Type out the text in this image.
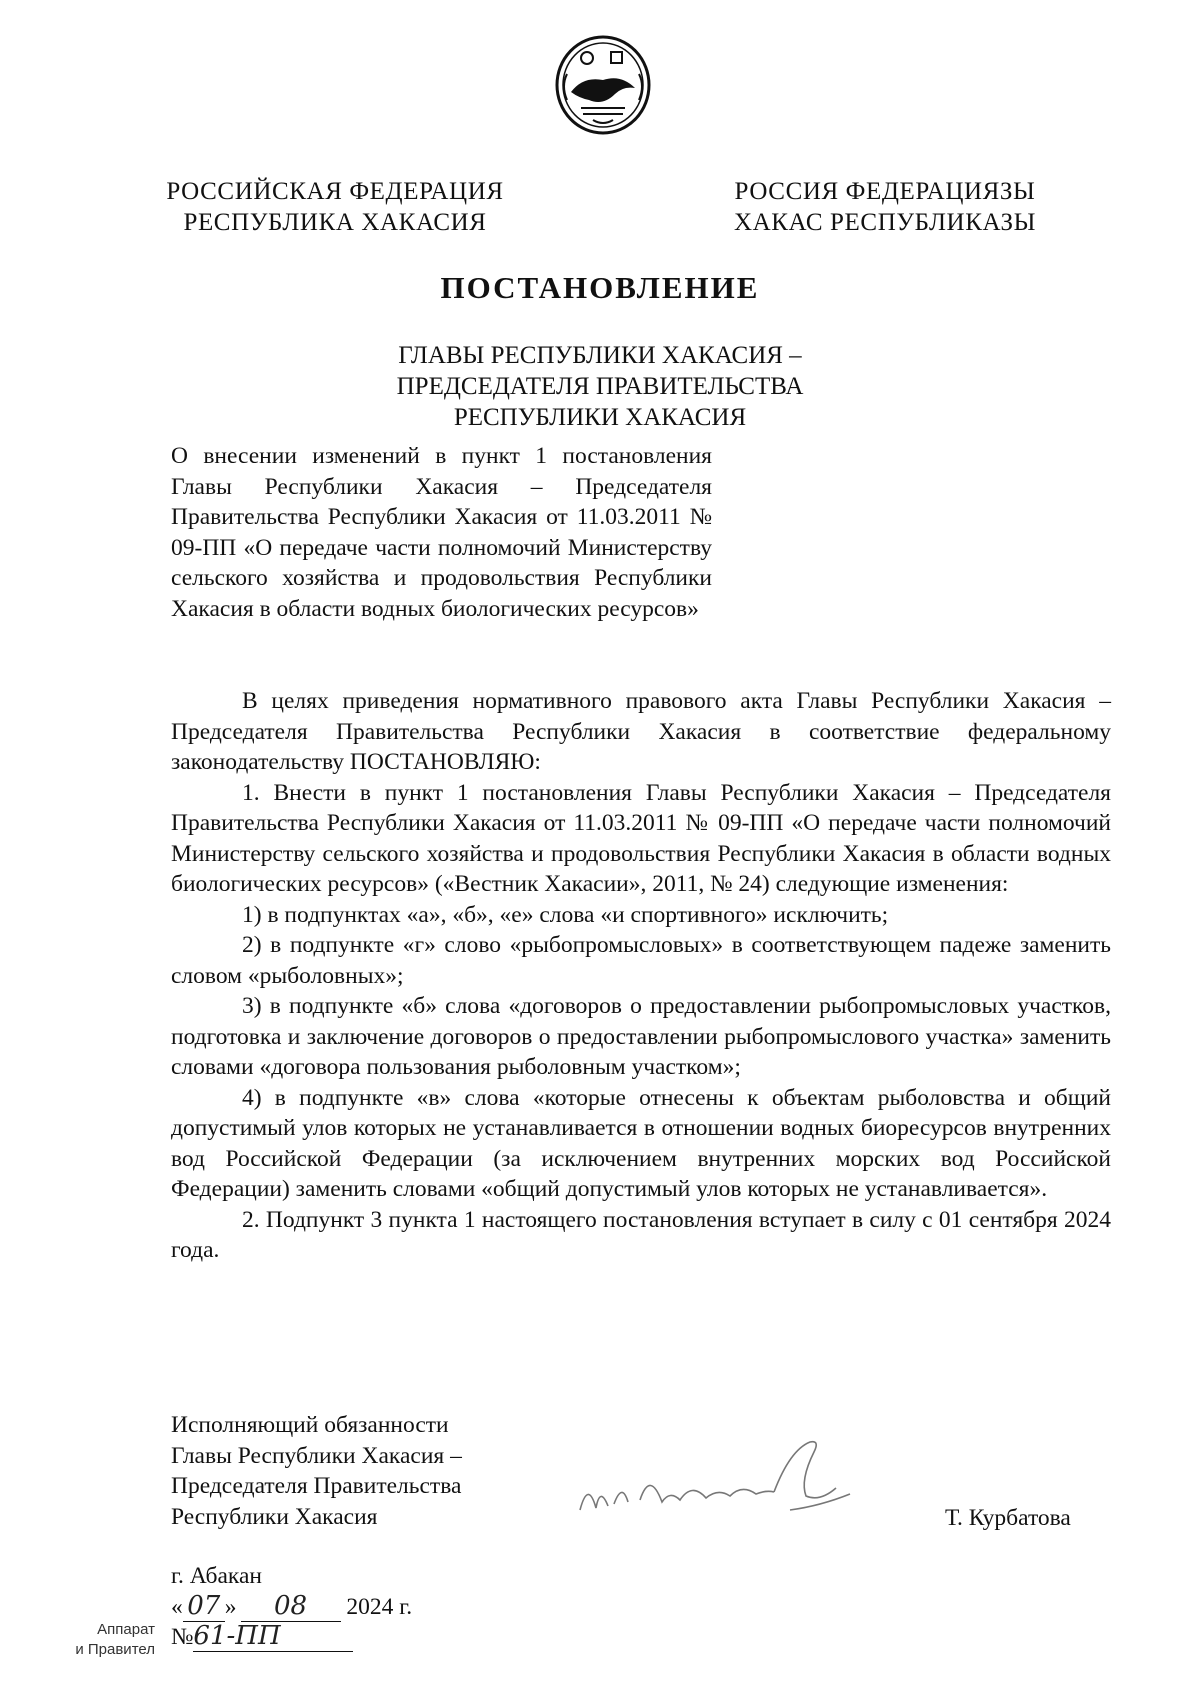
РОССИЙСКАЯ ФЕДЕРАЦИЯ
РЕСПУБЛИКА ХАКАСИЯ
РОССИЯ ФЕДЕРАЦИЯЗЫ
ХАКАС РЕСПУБЛИКАЗЫ
ПОСТАНОВЛЕНИЕ
ГЛАВЫ РЕСПУБЛИКИ ХАКАСИЯ –
ПРЕДСЕДАТЕЛЯ ПРАВИТЕЛЬСТВА
РЕСПУБЛИКИ ХАКАСИЯ

О внесении изменений в пункт 1 постановления Главы Республики Хакасия – Председателя Правительства Республики Хакасия от 11.03.2011 № 09-ПП «О передаче части полномочий Министерству сельского хозяйства и продовольствия Республики Хакасия в области водных биологических ресурсов»

В целях приведения нормативного правового акта Главы Республики Хакасия – Председателя Правительства Республики Хакасия в соответствие федеральному законодательству ПОСТАНОВЛЯЮ:

1. Внести в пункт 1 постановления Главы Республики Хакасия – Председателя Правительства Республики Хакасия от 11.03.2011 № 09-ПП «О передаче части полномочий Министерству сельского хозяйства и продовольствия Республики Хакасия в области водных биологических ресурсов» («Вестник Хакасии», 2011, № 24) следующие изменения:

1) в подпунктах «а», «б», «е» слова «и спортивного» исключить;

2) в подпункте «г» слово «рыбопромысловых» в соответствующем падеже заменить словом «рыболовных»;

3) в подпункте «б» слова «договоров о предоставлении рыбопромысловых участков, подготовка и заключение договоров о предоставлении рыбопромыслового участка» заменить словами «договора пользования рыболовным участком»;

4) в подпункте «в» слова «которые отнесены к объектам рыболовства и общий допустимый улов которых не устанавливается в отношении водных биоресурсов внутренних вод Российской Федерации (за исключением внутренних морских вод Российской Федерации) заменить словами «общий допустимый улов которых не устанавливается».

2. Подпункт 3 пункта 1 настоящего постановления вступает в силу с 01 сентября 2024 года.

Исполняющий обязанности
Главы Республики Хакасия –
Председателя Правительства
Республики Хакасия	Т. Курбатова
г. Абакан
« 07 » 08 2024 г.
№61-ПП
Аппарат
и Правител
